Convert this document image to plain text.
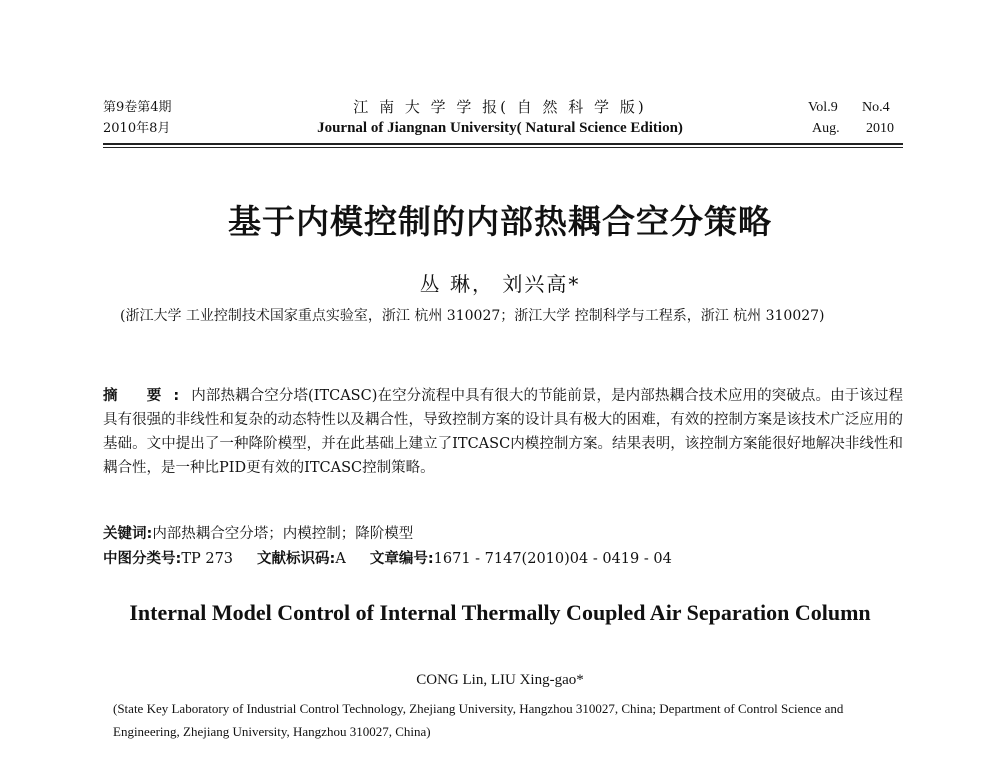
第9卷第4期
2010年8月
江 南 大 学 学 报( 自 然 科 学 版)
Journal of Jiangnan University( Natural Science Edition)
Vol.9 No.4
Aug. 2010
基于内模控制的内部热耦合空分策略
丛 琳， 刘兴高*
(浙江大学 工业控制技术国家重点实验室，浙江 杭州 310027；浙江大学 控制科学与工程系，浙江 杭州 310027)
摘 要:内部热耦合空分塔(ITCASC)在空分流程中具有很大的节能前景，是内部热耦合技术应用的突破点。由于该过程具有很强的非线性和复杂的动态特性以及耦合性，导致控制方案的设计具有极大的困难，有效的控制方案是该技术广泛应用的基础。文中提出了一种降阶模型，并在此基础上建立了ITCASC内模控制方案。结果表明，该控制方案能很好地解决非线性和耦合性，是一种比PID更有效的ITCASC控制策略。
关键词:内部热耦合空分塔；内模控制；降阶模型
中图分类号:TP 273 文献标识码:A 文章编号:1671 - 7147(2010)04 - 0419 - 04
Internal Model Control of Internal Thermally Coupled Air Separation Column
CONG Lin, LIU Xing-gao*
(State Key Laboratory of Industrial Control Technology, Zhejiang University, Hangzhou 310027, China; Department of Control Science and Engineering, Zhejiang University, Hangzhou 310027, China)
